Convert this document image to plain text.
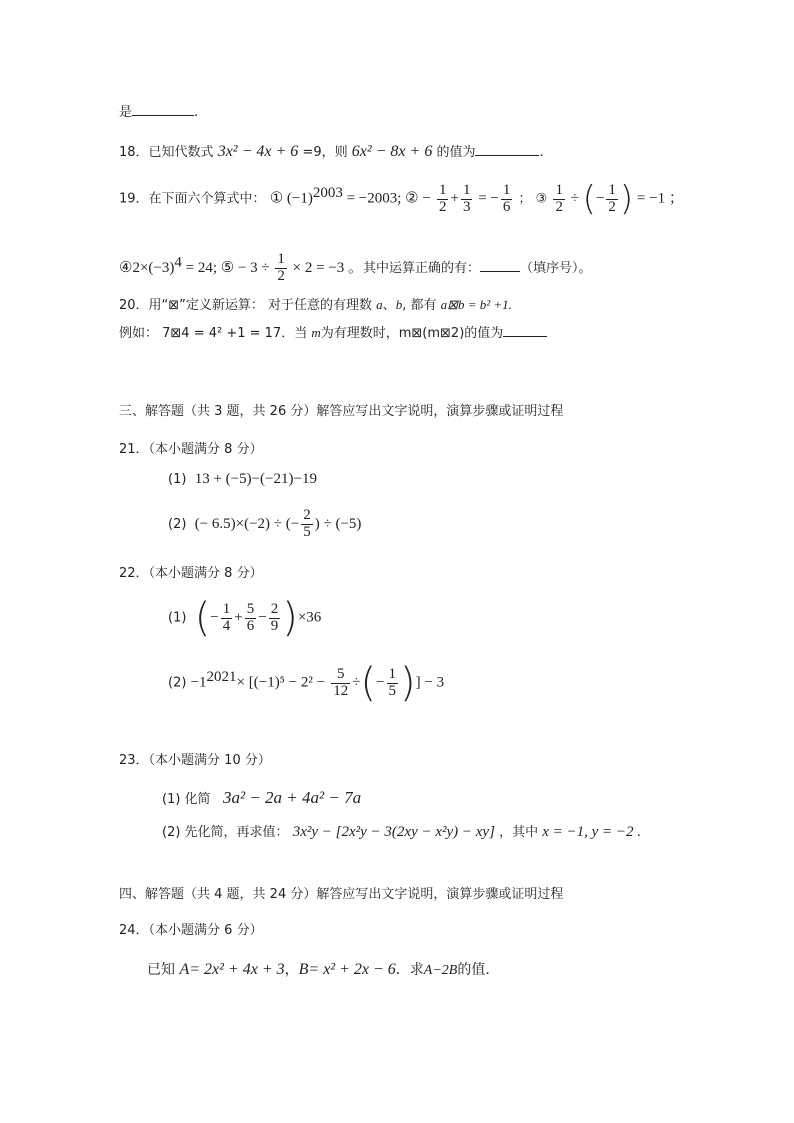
是	.
18．已知代数式 3x² − 4x + 6 =9，则 6x² − 8x + 6 的值为	.
19．在下面六个算式中： ① $(-1)^{2003} = -2003$; ② − $\frac{1}{2} + \frac{1}{3}$ = − $\frac{1}{6}$ ； ③ $\frac{1}{2}$ ÷ (− $\frac{1}{2}$ ) = −1 ；
$④2\times(-3)^4 = 24$; ⑤ − $3 \div \frac{1}{2} \times 2 = -3$ 。其中运算正确的有：	（填序号）。
20．用“⊠”定义新运算： 对于任意的有理数 a、b, 都有 a⊠b = b² +1.
例如： 7⊠4 = 4² +1 = 17．当 m为有理数时，m⊠(m⊠2)的值为
三、解答题（共 3 题，共 26 分）解答应写出文字说明，演算步骤或证明过程
21．（本小题满分 8 分）
(1) 13 + (−5)−(−21)−19
(2) (− 6.5)×(−2) ÷ (− $\frac{2}{5}$ ) ÷ (−5)
22．（本小题满分 8 分）
(1) (− $\frac{1}{4} + \frac{5}{6} - \frac{2}{9} )\times 36$
$(2) -1^{2021}\times [(-1)^5 - 2^2 - \frac{5}{12}$ ÷(− $\frac{1}{5}$ )] − 3
23．（本小题满分 10 分）
(1) 化简 3a² − 2a + 4a² − 7a
(2) 先化简，再求值： 3x²y − [2x²y − 3(2xy − x²y) − xy] ，其中 x = −1, y = −2 .
四、解答题（共 4 题，共 24 分）解答应写出文字说明，演算步骤或证明过程
24．（本小题满分 6 分）
已知 A= 2x² + 4x + 3，B= x² + 2x − 6．求A−2B的值.
